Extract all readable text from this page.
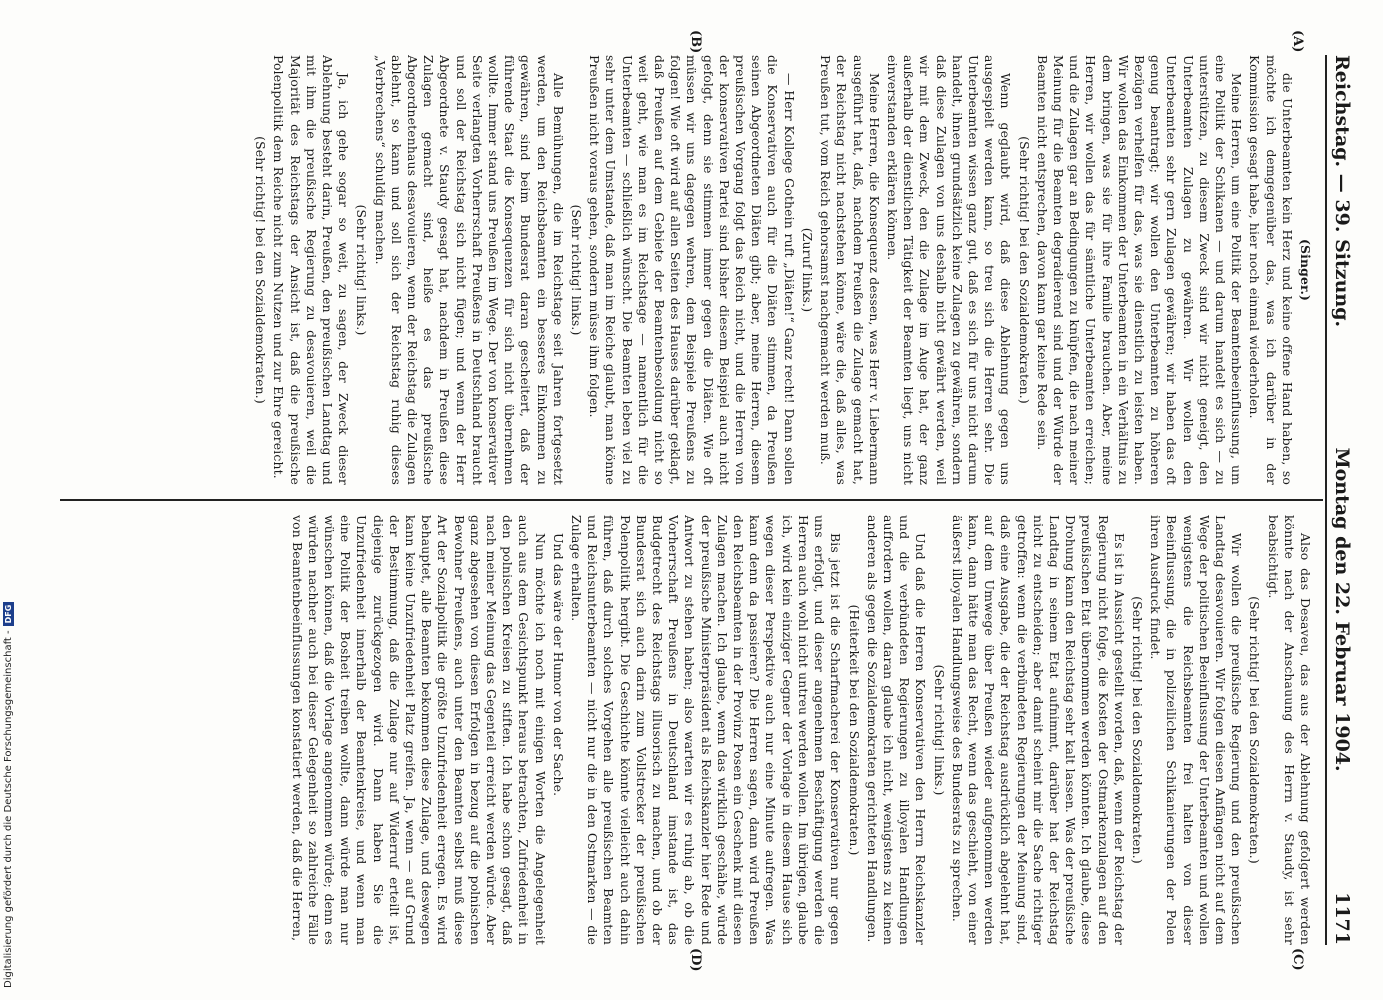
Reichstag. — 39. Sitzung.
Montag den 22. Februar 1904.
1171
(A)
(B)
(C)
(D)

(Singer.)

die Unterbeamten kein Herz und keine offene Hand haben, so möchte ich demgegenüber das, was ich darüber in der Kommission gesagt habe, hier noch einmal wiederholen.

Meine Herren, um eine Politik der Beamtenbeeinflussung, um eine Politik der Schikanen — und darum handelt es sich — zu unterstützen, zu diesem Zweck sind wir nicht geneigt, den Unterbeamten Zulagen zu gewähren. Wir wollen den Unterbeamten sehr gern Zulagen gewähren; wir haben das oft genug beantragt; wir wollen den Unterbeamten zu höheren Bezügen verhelfen für das, was sie dienstlich zu leisten haben. Wir wollen das Einkommen der Unterbeamten in ein Verhältnis zu dem bringen, was sie für ihre Familie brauchen. Aber, meine Herren, wir wollen das für sämtliche Unterbeamten erreichen; und die Zulagen gar an Bedingungen zu knüpfen, die nach meiner Meinung für die Beamten degradierend sind und der Würde der Beamten nicht entsprechen, davon kann gar keine Rede sein.

(Sehr richtig! bei den Sozialdemokraten.)

Wenn geglaubt wird, daß diese Ablehnung gegen uns ausgespielt werden kann, so treu sich die Herren sehr. Die Unterbeamten wissen ganz gut, daß es sich für uns nicht darum handelt, ihnen grundsätzlich keine Zulagen zu gewähren, sondern daß diese Zulagen von uns deshalb nicht gewährt werden, weil wir mit dem Zweck, den die Zulage im Auge hat, der ganz außerhalb der dienstlichen Tätigkeit der Beamten liegt, uns nicht einverstanden erklären können.

Meine Herren, die Konsequenz dessen, was Herr v. Liebermann ausgeführt hat, daß, nachdem Preußen die Zulage gemacht hat, der Reichstag nicht nachstehen könne, wäre die, daß alles, was Preußen tut, vom Reich gehorsamst nachgemacht werden muß.

(Zuruf links.)

— Herr Kollege Gothein ruft „Diäten!“ Ganz recht! Dann sollen die Konservativen auch für die Diäten stimmen, da Preußen seinen Abgeordneten Diäten gibt; aber, meine Herren, diesem preußischen Vorgang folgt das Reich nicht, und die Herren von der konservativen Partei sind bisher diesem Beispiel auch nicht gefolgt, denn sie stimmen immer gegen die Diäten. Wie oft müssen wir uns dagegen wehren, dem Beispiele Preußens zu folgen! Wie oft wird auf allen Seiten des Hauses darüber geklagt, daß Preußen auf dem Gebiete der Beamtenbesoldung nicht so weit geht, wie man es im Reichstage — namentlich für die Unterbeamten — schließlich wünscht. Die Beamten leben viel zu sehr unter dem Umstande, daß man im Reiche glaubt, man könne Preußen nicht voraus gehen, sondern müsse ihm folgen.

(Sehr richtig! links.)

Alle Bemühungen, die im Reichstage seit Jahren fortgesetzt werden, um den Reichsbeamten ein besseres Einkommen zu gewähren, sind beim Bundesrat daran gescheitert, daß der führende Staat die Konsequenzen für sich nicht übernehmen wollte. Immer stand uns Preußen im Wege. Der von konservativer Seite verlangten Vorherrschaft Preußens in Deutschland braucht und soll der Reichstag sich nicht fügen; und wenn der Herr Abgeordnete v. Staudy gesagt hat, nachdem in Preußen diese Zulagen gemacht sind, heiße es das preußische Abgeordnetenhaus desavouieren, wenn der Reichstag die Zulagen ablehnt, so kann und soll sich der Reichstag ruhig dieses „Verbrechens“ schuldig machen.

(Sehr richtig! links.)

Ja, ich gehe sogar so weit, zu sagen, der Zweck dieser Ablehnung besteht darin, Preußen, den preußischen Landtag und mit ihm die preußische Regierung zu desavouieren, weil die Majorität des Reichstags der Ansicht ist, daß die preußische Polenpolitik dem Reiche nicht zum Nutzen und zur Ehre gereicht.

(Sehr richtig! bei den Sozialdemokraten.)

Also das Desaveu, das aus der Ablehnung gefolgert werden könnte nach der Anschauung des Herrn v. Staudy, ist sehr beabsichtigt.

(Sehr richtig! bei den Sozialdemokraten.)

Wir wollen die preußische Regierung und den preußischen Landtag desavouieren. Wir folgen diesen Anfängen nicht auf dem Wege der politischen Beeinflussung der Unterbeamten und wollen wenigstens die Reichsbeamten frei halten von dieser Beeinflussung, die in polizeilichen Schikanierungen der Polen ihren Ausdruck findet.

(Sehr richtig! bei den Sozialdemokraten.)

Es ist in Aussicht gestellt worden, daß, wenn der Reichstag der Regierung nicht folge, die Kosten der Ostmarkenzulagen auf den preußischen Etat übernommen werden könnten. Ich glaube, diese Drohung kann den Reichstag sehr kalt lassen. Was der preußische Landtag in seinem Etat aufnimmt, darüber hat der Reichstag nicht zu entscheiden; aber damit scheint mir die Sache richtiger getroffen: wenn die verbündeten Regierungen der Meinung sind, daß eine Ausgabe, die der Reichstag ausdrücklich abgelehnt hat, auf dem Umwege über Preußen wieder aufgenommen werden kann, dann hätte man das Recht, wenn das geschieht, von einer äußerst illoyalen Handlungsweise des Bundesrats zu sprechen.

(Sehr richtig! links.)

Und daß die Herren Konservativen den Herrn Reichskanzler und die verbündeten Regierungen zu illoyalen Handlungen auffordern wollen, daran glaube ich nicht, wenigstens zu keinen anderen als gegen die Sozialdemokraten gerichteten Handlungen.

(Heiterkeit bei den Sozialdemokraten.)

Bis jetzt ist die Scharfmacherei der Konservativen nur gegen uns erfolgt, und dieser angenehmen Beschäftigung werden die Herren auch wohl nicht untreu werden wollen. Im übrigen, glaube ich, wird kein einziger Gegner der Vorlage in diesem Hause sich wegen dieser Perspektive auch nur eine Minute aufregen. Was kann denn da passieren? Die Herren sagen, dann wird Preußen den Reichsbeamten in der Provinz Posen ein Geschenk mit diesen Zulagen machen. Ich glaube, wenn das wirklich geschähe, würde der preußische Ministerpräsident als Reichskanzler hier Rede und Antwort zu stehen haben; also warten wir es ruhig ab, ob die Vorherrschaft Preußens in Deutschland imstande ist, das Budgetrecht des Reichstags illusorisch zu machen, und ob der Bundesrat sich auch darin zum Vollstrecker der preußischen Polenpolitik hergibt. Die Geschichte könnte vielleicht auch dahin führen, daß durch solches Vorgehen alle preußischen Beamten und Reichsunterbeamten — nicht nur die in den Ostmarken — die Zulage erhalten.

Und das wäre der Humor von der Sache.

Nun möchte ich noch mit einigen Worten die Angelegenheit auch aus dem Gesichtspunkt heraus betrachten, Zufriedenheit in den polnischen Kreisen zu stiften. Ich habe schon gesagt, daß nach meiner Meinung das Gegenteil erreicht werden würde. Aber ganz abgesehen von diesen Erfolgen in bezug auf die polnischen Bewohner Preußens, auch unter den Beamten selbst muß diese Art der Sozialpolitik die größte Unzufriedenheit erregen. Es wird behauptet, alle Beamten bekommen diese Zulage, und deswegen kann keine Unzufriedenheit Platz greifen. Ja, wenn — auf Grund der Bestimmung, daß die Zulage nur auf Widerruf erteilt ist, diejenige zurückgezogen wird. Dann haben Sie die Unzufriedenheit innerhalb der Beamtenkreise, und wenn man eine Politik der Bosheit treiben wollte, dann würde man nur wünschen können, daß die Vorlage angenommen würde; denn es würden nachher auch bei dieser Gelegenheit so zahlreiche Fälle von Beamtenbeeinflussungen konstatiert werden, daß die Herren,

Digitalisierung gefördert durch die Deutsche Forschungsgemeinschaft -
DFG
